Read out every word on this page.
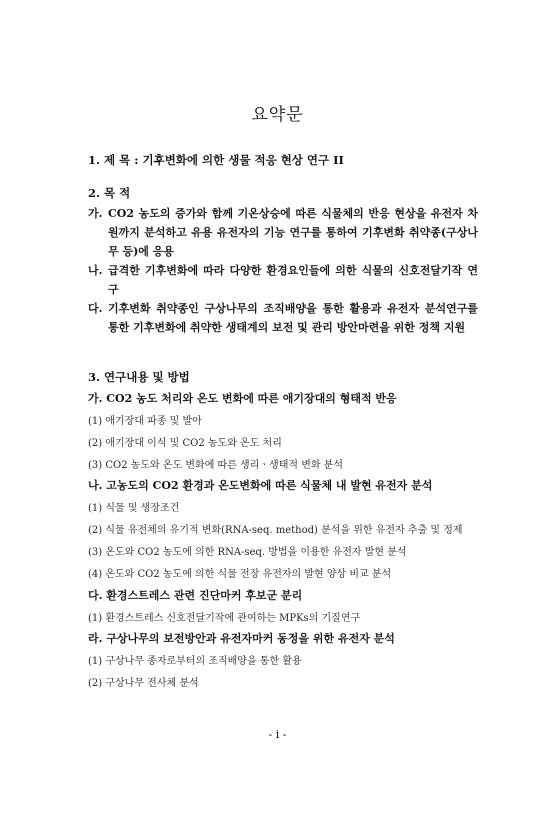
요약문
1. 제 목 : 기후변화에 의한 생물 적응 현상 연구 II
2. 목 적
가. CO2 농도의 증가와 함께 기온상승에 따른 식물체의 반응 현상을 유전자 차원까지 분석하고 유용 유전자의 기능 연구를 통하여 기후변화 취약종(구상나무 등)에 응용
나. 급격한 기후변화에 따라 다양한 환경요인들에 의한 식물의 신호전달기작 연구
다. 기후변화 취약종인 구상나무의 조직배양을 통한 활용과 유전자 분석연구를 통한 기후변화에 취약한 생태계의 보전 및 관리 방안마련을 위한 정책 지원
3. 연구내용 및 방법
가. CO2 농도 처리와 온도 변화에 따른 애기장대의 형태적 반응
(1) 애기장대 파종 및 발아
(2) 애기장대 이식 및 CO2 농도와 온도 처리
(3) CO2 농도와 온도 변화에 따른 생리ㆍ생태적 변화 분석
나. 고농도의 CO2 환경과 온도변화에 따른 식물체 내 발현 유전자 분석
(1) 식물 및 생장조건
(2) 식물 유전체의 유기적 변화(RNA-seq. method) 분석을 위한 유전자 추출 및 정제
(3) 온도와 CO2 농도에 의한 RNA-seq. 방법을 이용한 유전자 발현 분석
(4) 온도와 CO2 농도에 의한 식물 전장 유전자의 발현 양상 비교 분석
다. 환경스트레스 관련 진단마커 후보군 분리
(1) 환경스트레스 신호전달기작에 관여하는 MPKs의 기질연구
라. 구상나무의 보전방안과 유전자마커 동정을 위한 유전자 분석
(1) 구상나무 종자로부터의 조직배양을 통한 활용
(2) 구상나무 전사체 분석
- i -
